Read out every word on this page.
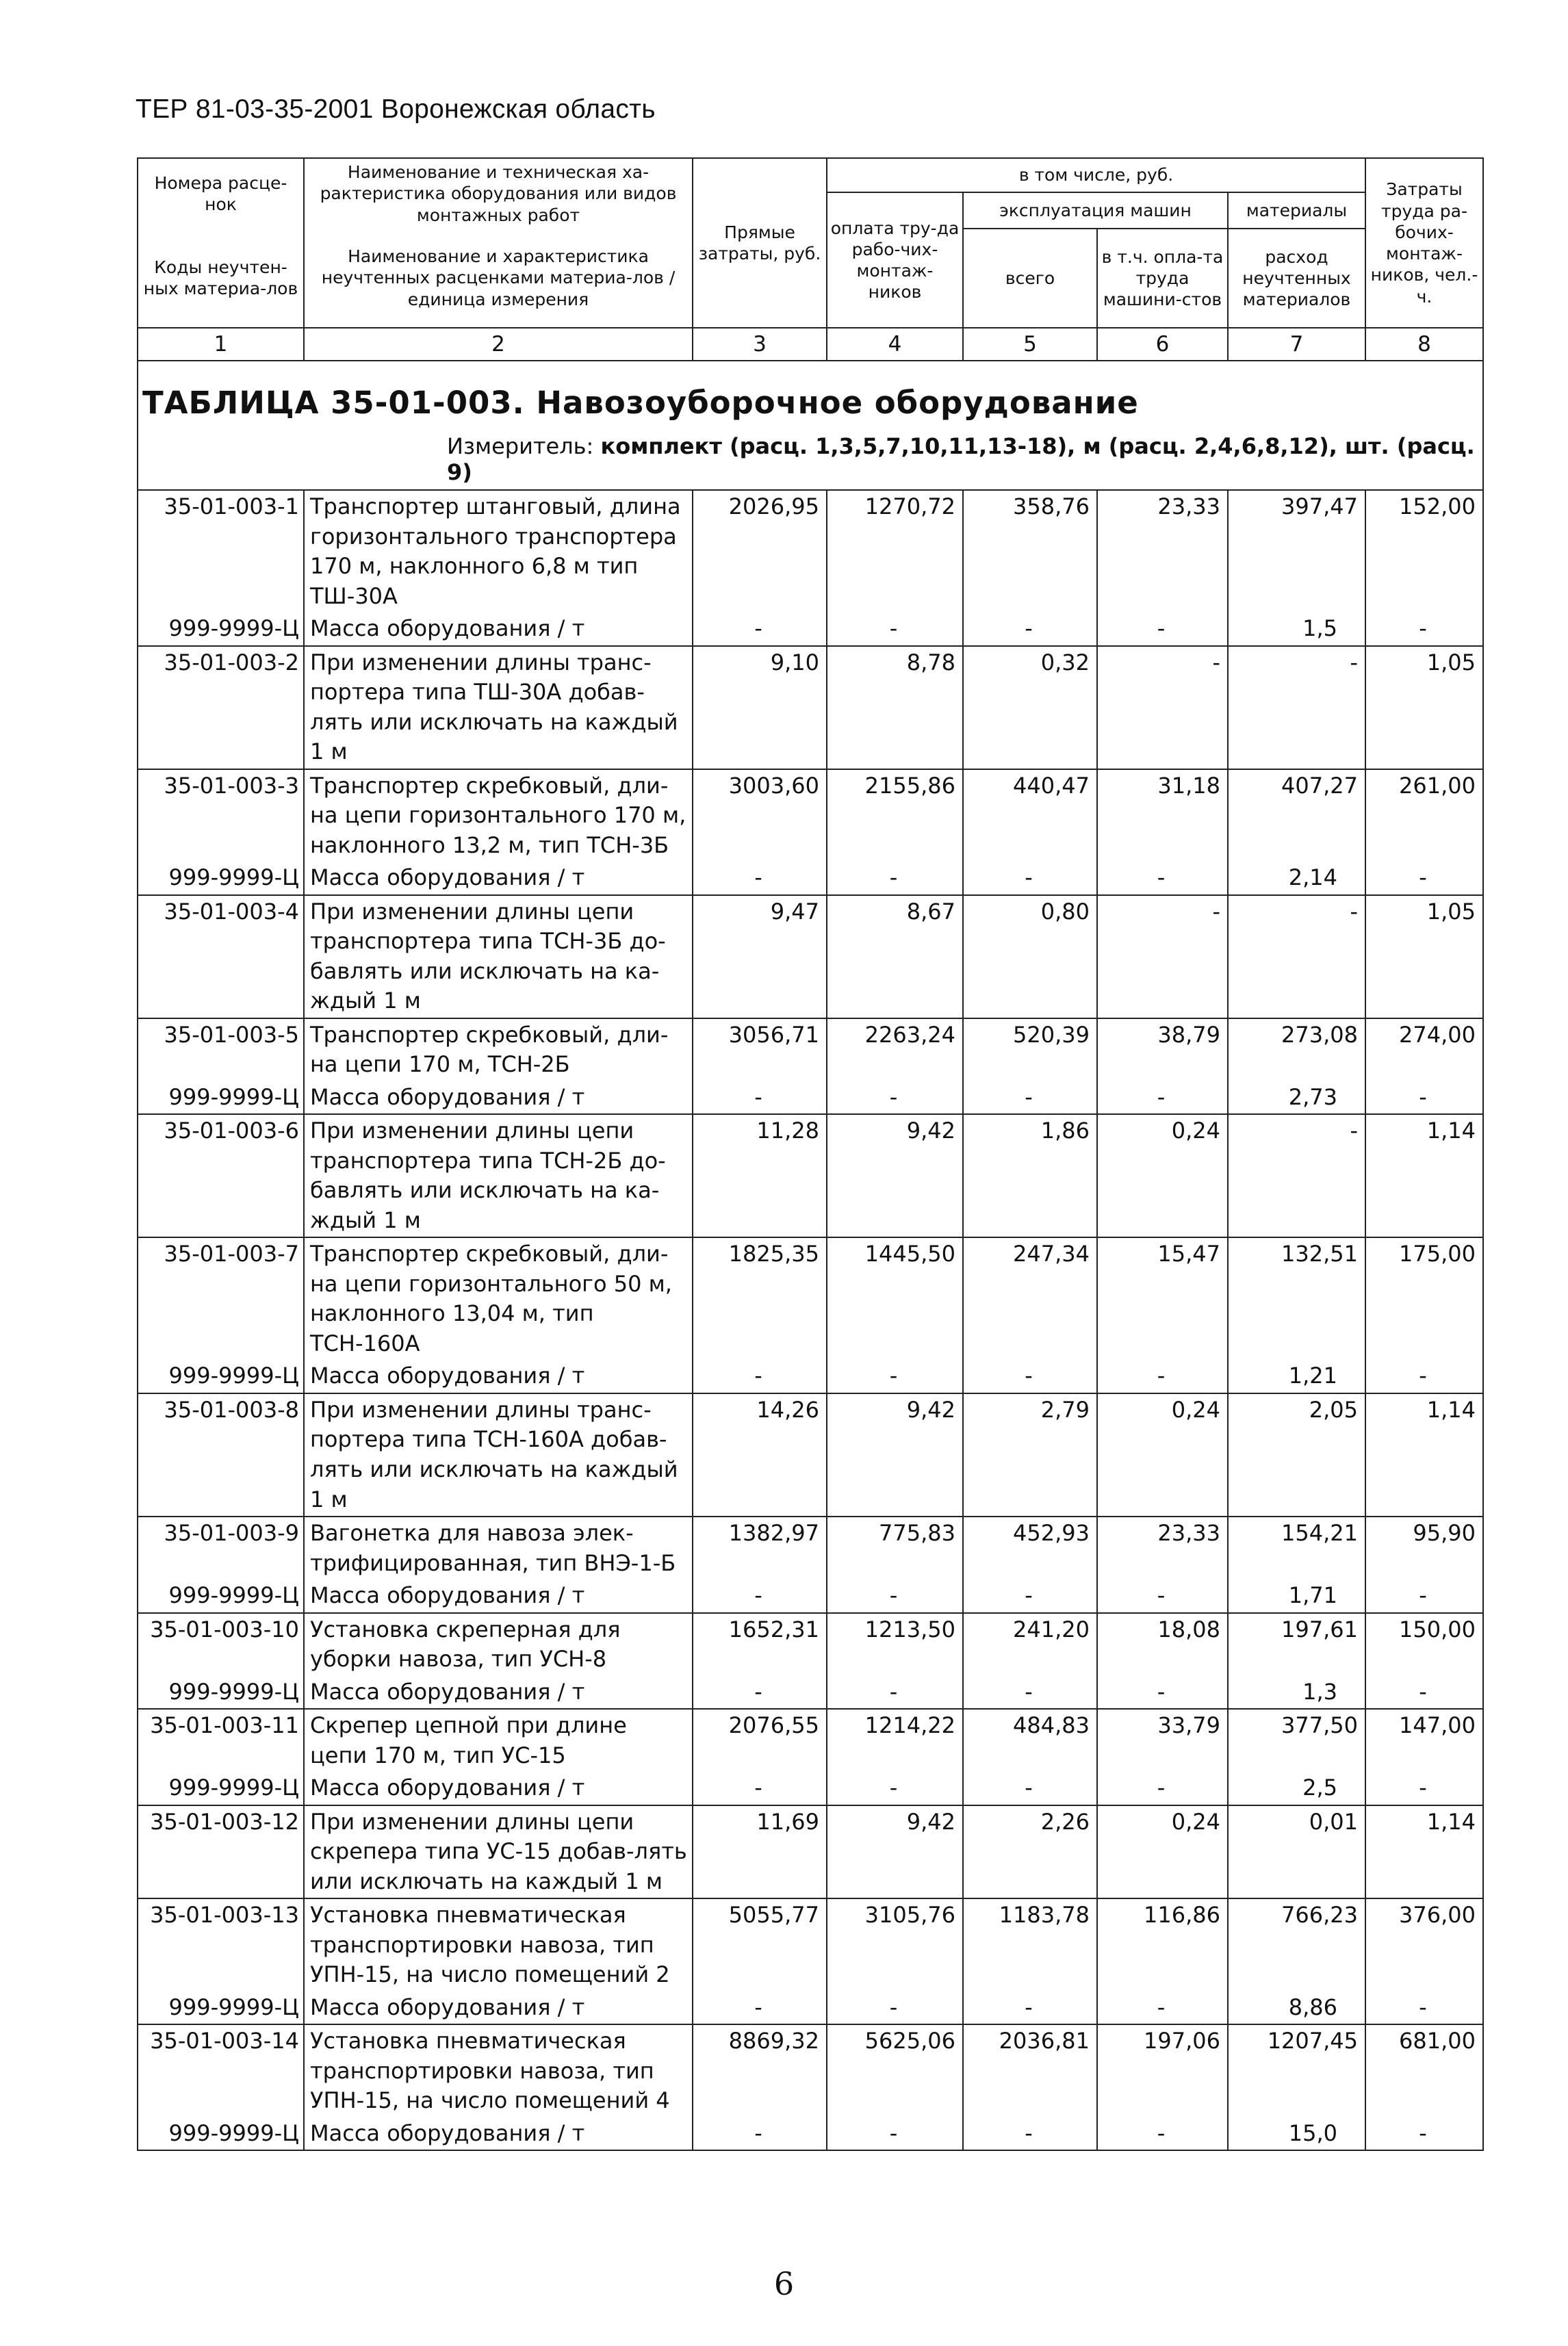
ТЕР 81-03-35-2001 Воронежская область
Номера расце-нок	Наименование и техническая ха-рактеристика оборудования или видов монтажных работ	Прямые затраты, руб.	в том числе, руб.				Затраты труда ра-бочих-монтаж-ников, чел.-ч.
			оплата тру-да рабо-чих-монтаж-ников	эксплуатация машин		материалы	
Коды неучтен-ных материа-лов	Наименование и характеристика неучтенных расценками материа-лов / единица измерения			всего	в т.ч. опла-та труда машини-стов	расход неучтенных материалов	

1	2	3	4	5	6	7	8

ТАБЛИЦА 35-01-003. Навозоуборочное оборудование
Измеритель: комплект (расц. 1,3,5,7,10,11,13-18), м (расц. 2,4,6,8,12), шт. (расц. 9)							

35-01-003-1	Транспортер штанговый, длина горизонтального транспортера 170 м, наклонного 6,8 м тип ТШ-30А	2026,95	1270,72	358,76	23,33	397,47	152,00
999-9999-Ц	Масса оборудования / т	-	-	-	-	1,5	-
35-01-003-2	При изменении длины транс-портера типа ТШ-30А добав-лять или исключать на каждый 1 м	9,10	8,78	0,32	-	-	1,05
35-01-003-3	Транспортер скребковый, дли-на цепи горизонтального 170 м, наклонного 13,2 м, тип ТСН-3Б	3003,60	2155,86	440,47	31,18	407,27	261,00
999-9999-Ц	Масса оборудования / т	-	-	-	-	2,14	-
35-01-003-4	При изменении длины цепи транспортера типа ТСН-3Б до-бавлять или исключать на ка-ждый 1 м	9,47	8,67	0,80	-	-	1,05
35-01-003-5	Транспортер скребковый, дли-на цепи 170 м, ТСН-2Б	3056,71	2263,24	520,39	38,79	273,08	274,00
999-9999-Ц	Масса оборудования / т	-	-	-	-	2,73	-
35-01-003-6	При изменении длины цепи транспортера типа ТСН-2Б до-бавлять или исключать на ка-ждый 1 м	11,28	9,42	1,86	0,24	-	1,14
35-01-003-7	Транспортер скребковый, дли-на цепи горизонтального 50 м, наклонного 13,04 м, тип ТСН-160А	1825,35	1445,50	247,34	15,47	132,51	175,00
999-9999-Ц	Масса оборудования / т	-	-	-	-	1,21	-
35-01-003-8	При изменении длины транс-портера типа ТСН-160А добав-лять или исключать на каждый 1 м	14,26	9,42	2,79	0,24	2,05	1,14
35-01-003-9	Вагонетка для навоза элек-трифицированная, тип ВНЭ-1-Б	1382,97	775,83	452,93	23,33	154,21	95,90
999-9999-Ц	Масса оборудования / т	-	-	-	-	1,71	-
35-01-003-10	Установка скреперная для уборки навоза, тип УСН-8	1652,31	1213,50	241,20	18,08	197,61	150,00
999-9999-Ц	Масса оборудования / т	-	-	-	-	1,3	-
35-01-003-11	Скрепер цепной при длине цепи 170 м, тип УС-15	2076,55	1214,22	484,83	33,79	377,50	147,00
999-9999-Ц	Масса оборудования / т	-	-	-	-	2,5	-
35-01-003-12	При изменении длины цепи скрепера типа УС-15 добав-лять или исключать на каждый 1 м	11,69	9,42	2,26	0,24	0,01	1,14
35-01-003-13	Установка пневматическая транспортировки навоза, тип УПН-15, на число помещений 2	5055,77	3105,76	1183,78	116,86	766,23	376,00
999-9999-Ц	Масса оборудования / т	-	-	-	-	8,86	-
35-01-003-14	Установка пневматическая транспортировки навоза, тип УПН-15, на число помещений 4	8869,32	5625,06	2036,81	197,06	1207,45	681,00
999-9999-Ц	Масса оборудования / т	-	-	-	-	15,0	-
6
